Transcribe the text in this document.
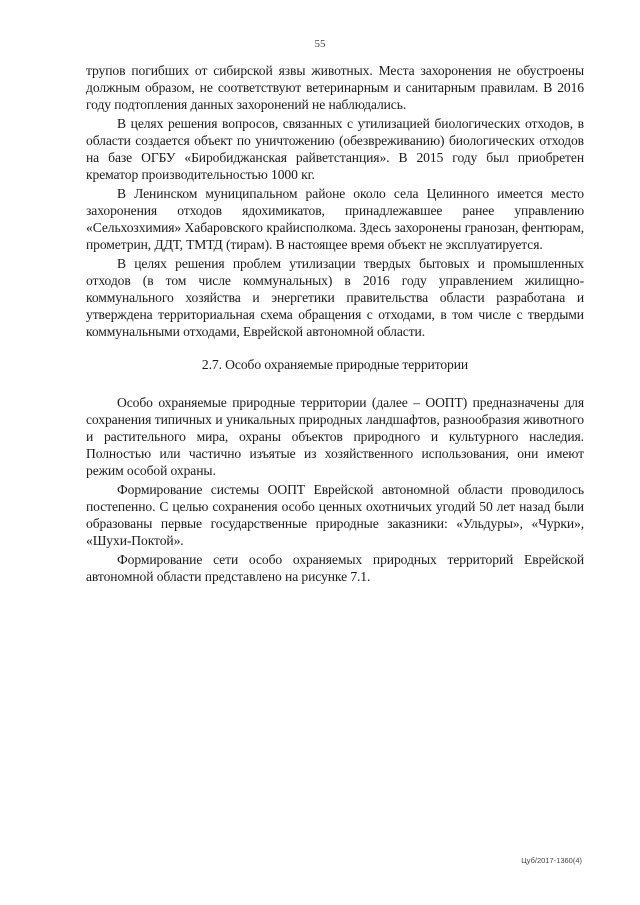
55

трупов погибших от сибирской язвы животных. Места захоронения не обустроены должным образом, не соответствуют ветеринарным и санитарным правилам. В 2016 году подтопления данных захоронений не наблюдались.

В целях решения вопросов, связанных с утилизацией биологических отходов, в области создается объект по уничтожению (обезвреживанию) биологических отходов на базе ОГБУ «Биробиджанская райветстанция». В 2015 году был приобретен крематор производительностью 1000 кг.

В Ленинском муниципальном районе около села Целинного имеется место захоронения отходов ядохимикатов, принадлежавшее ранее управлению «Сельхозхимия» Хабаровского крайисполкома. Здесь захоронены гранозан, фентюрам, прометрин, ДДТ, ТМТД (тирам). В настоящее время объект не эксплуатируется.

В целях решения проблем утилизации твердых бытовых и промышленных отходов (в том числе коммунальных) в 2016 году управлением жилищно-коммунального хозяйства и энергетики правительства области разработана и утверждена территориальная схема обращения с отходами, в том числе с твердыми коммунальными отходами, Еврейской автономной области.

2.7. Особо охраняемые природные территории

Особо охраняемые природные территории (далее – ООПТ) предназначены для сохранения типичных и уникальных природных ландшафтов, разнообразия животного и растительного мира, охраны объектов природного и культурного наследия. Полностью или частично изъятые из хозяйственного использования, они имеют режим особой охраны.

Формирование системы ООПТ Еврейской автономной области проводилось постепенно. С целью сохранения особо ценных охотничьих угодий 50 лет назад были образованы первые государственные природные заказники: «Ульдуры», «Чурки», «Шухи-Поктой».

Формирование сети особо охраняемых природных территорий Еврейской автономной области представлено на рисунке 7.1.

Цуб/2017-1360(4)
